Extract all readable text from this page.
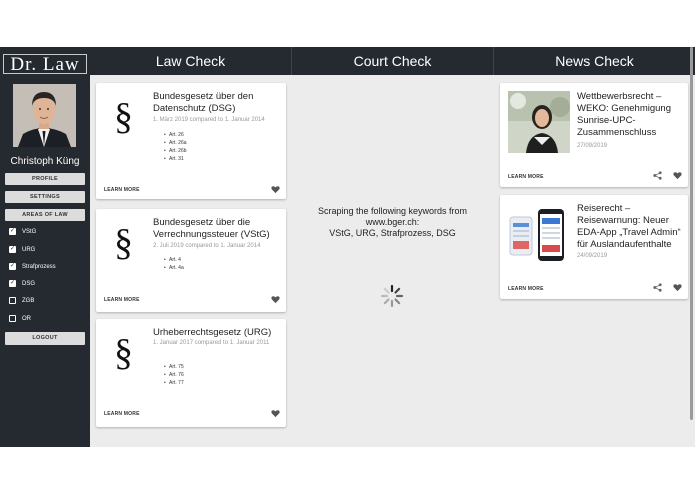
Dr. Law
Christoph Küng
PROFILE
SETTINGS
AREAS OF LAW
✓ VStG
✓ URG
✓ Strafprozess
✓ DSG
ZGB
OR
LOGOUT
Law Check	Court Check	News Check
§ Bundesgesetz über den Datenschutz (DSG)
1. März 2019 compared to 1. Januar 2014
• Art. 26
• Art. 26a
• Art. 26b
• Art. 31
LEARN MORE
§ Bundesgesetz über die Verrechnungssteuer (VStG)
2. Juli 2019 compared to 1. Januar 2014
• Art. 4
• Art. 4a
LEARN MORE
§ Urheberrechtsgesetz (URG)
1. Januar 2017 compared to 1. Januar 2011
• Art. 75
• Art. 76
• Art. 77
LEARN MORE
Wettbewerbsrecht – WEKO: Genehmigung Sunrise-UPC-Zusammenschluss
27/09/2019
LEARN MORE
Reiserecht – Reisewarnung: Neuer EDA-App „Travel Admin“ für Auslandaufenthalte
24/09/2019
LEARN MORE
Scraping the following keywords from
www.bger.ch:
VStG, URG, Strafprozess, DSG
